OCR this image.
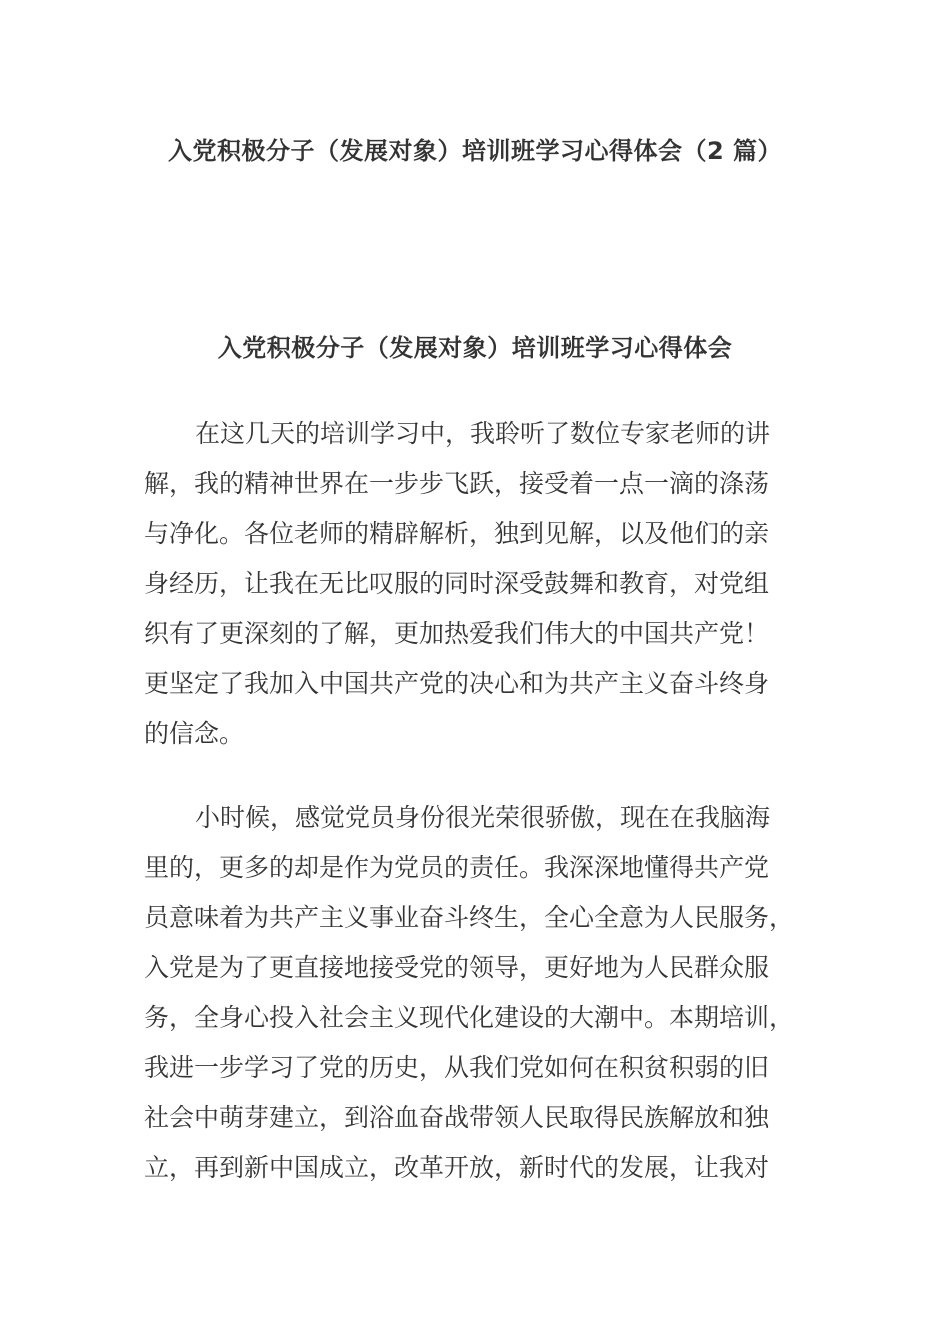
入党积极分子（发展对象）培训班学习心得体会（2 篇）
入党积极分子（发展对象）培训班学习心得体会
在这几天的培训学习中，我聆听了数位专家老师的讲
解，我的精神世界在一步步飞跃，接受着一点一滴的涤荡
与净化。各位老师的精辟解析，独到见解，以及他们的亲
身经历，让我在无比叹服的同时深受鼓舞和教育，对党组
织有了更深刻的了解，更加热爱我们伟大的中国共产党！
更坚定了我加入中国共产党的决心和为共产主义奋斗终身
的信念。
小时候，感觉党员身份很光荣很骄傲，现在在我脑海
里的，更多的却是作为党员的责任。我深深地懂得共产党
员意味着为共产主义事业奋斗终生，全心全意为人民服务，
入党是为了更直接地接受党的领导，更好地为人民群众服
务，全身心投入社会主义现代化建设的大潮中。本期培训，
我进一步学习了党的历史，从我们党如何在积贫积弱的旧
社会中萌芽建立，到浴血奋战带领人民取得民族解放和独
立，再到新中国成立，改革开放，新时代的发展，让我对
